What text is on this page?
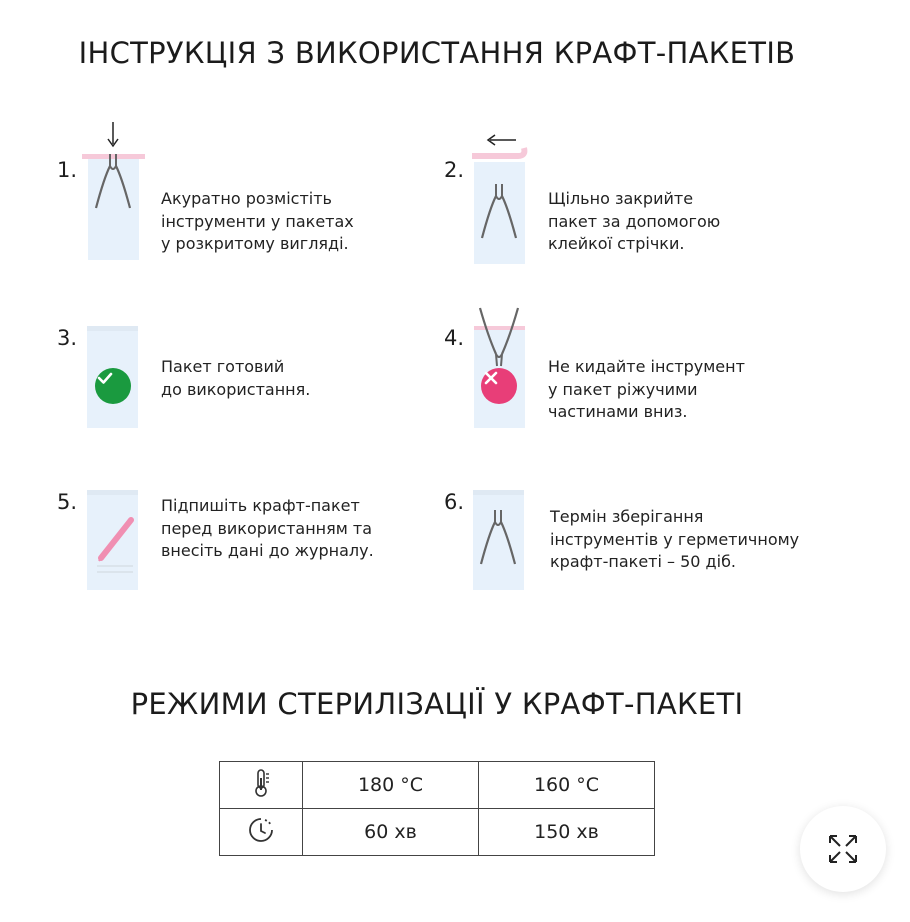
ІНСТРУКЦІЯ З ВИКОРИСТАННЯ КРАФТ-ПАКЕТІВ
1.
Акуратно розмістіть
інструменти у пакетах
у розкритому вигляді.
2.
Щільно закрийте
пакет за допомогою
клейкої стрічки.
3.
Пакет готовий
до використання.
4.
Не кидайте інструмент
у пакет ріжучими
частинами вниз.
5.	Підпишіть крафт-пакет
перед використанням та
внесіть дані до журналу.
6.
Термін зберігання
інструментів у герметичному
крафт-пакеті – 50 діб.
РЕЖИМИ СТЕРИЛІЗАЦІЇ У КРАФТ-ПАКЕТІ
	180 °C	160 °C
	60 хв	150 хв
